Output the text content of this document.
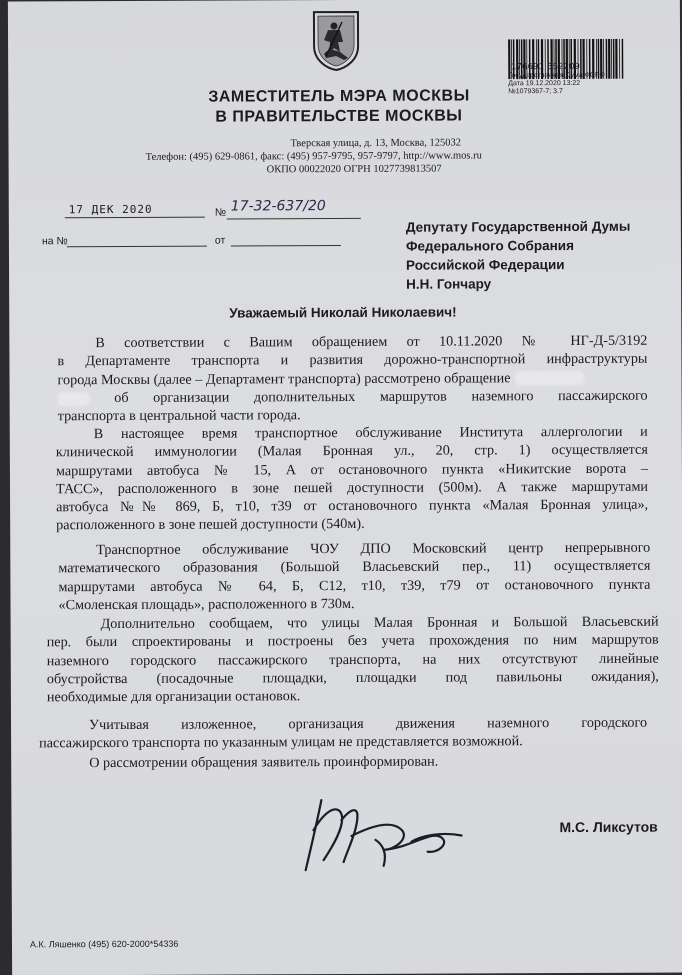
176691 552209
Государственная Дума ФСРФ
Дата 19.12.2020 13:22
№1079367-7; 3.7
ЗАМЕСТИТЕЛЬ МЭРА МОСКВЫ
В ПРАВИТЕЛЬСТВЕ МОСКВЫ
Тверская улица, д. 13, Москва, 125032
Телефон: (495) 629-0861, факс: (495) 957-9795, 957-9797, http://www.mos.ru
ОКПО 00022020 ОГРН 1027739813507
17 ДЕК 2020	№ 17-32-637/20
на №	от
Депутату Государственной Думы
Федерального Собрания
Российской Федерации
Н.Н. Гончару
Уважаемый Николай Николаевич!
В соответствии с Вашим обращением от 10.11.2020 № НГ-Д-5/3192
в Департаменте транспорта и развития дорожно-транспортной инфраструктуры
города Москвы (далее – Департамент транспорта) рассмотрено обращение
об организации дополнительных маршрутов наземного пассажирского
транспорта в центральной части города.
В настоящее время транспортное обслуживание Института аллергологии и
клинической иммунологии (Малая Бронная ул., 20, стр. 1) осуществляется
маршрутами автобуса № 15, А от остановочного пункта «Никитские ворота –
ТАСС», расположенного в зоне пешей доступности (500м). А также маршрутами
автобуса №№ 869, Б, т10, т39 от остановочного пункта «Малая Бронная улица»,
расположенного в зоне пешей доступности (540м).
Транспортное обслуживание ЧОУ ДПО Московский центр непрерывного
математического образования (Большой Власьевский пер., 11) осуществляется
маршрутами автобуса № 64, Б, С12, т10, т39, т79 от остановочного пункта
«Смоленская площадь», расположенного в 730м.
Дополнительно сообщаем, что улицы Малая Бронная и Большой Власьевский
пер. были спроектированы и построены без учета прохождения по ним маршрутов
наземного городского пассажирского транспорта, на них отсутствуют линейные
обустройства (посадочные площадки, площадки под павильоны ожидания),
необходимые для организации остановок.
Учитывая изложенное, организация движения наземного городского
пассажирского транспорта по указанным улицам не представляется возможной.
О рассмотрении обращения заявитель проинформирован.
М.С. Ликсутов
А.К. Ляшенко (495) 620-2000*54336
